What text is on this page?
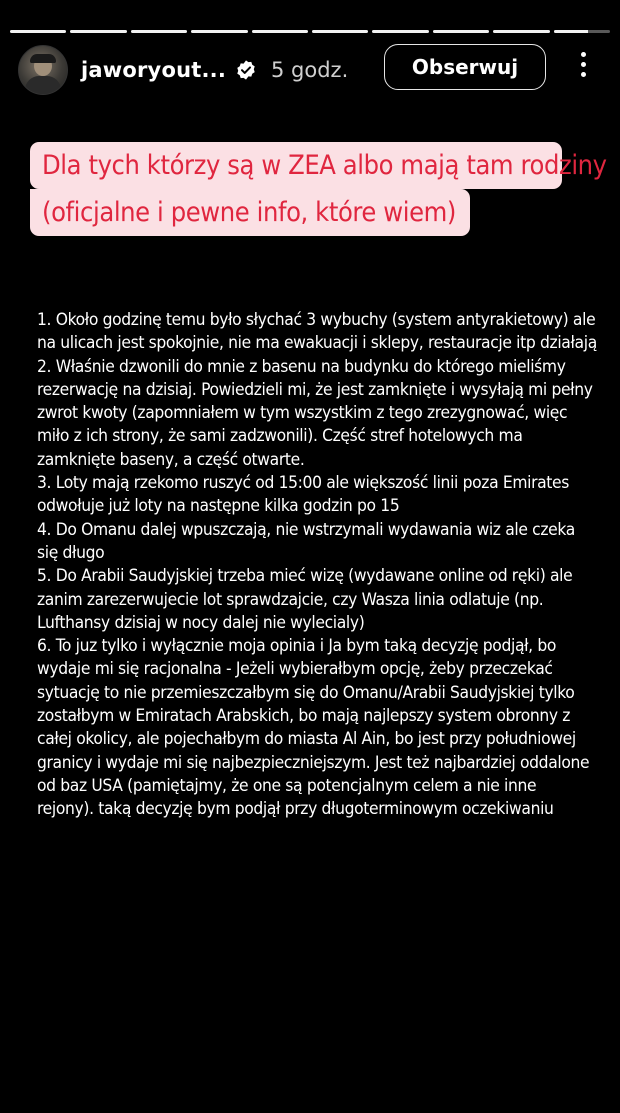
jaworyout... 5 godz.	Obserwuj
Dla tych którzy są w ZEA albo mają tam rodziny
(oficjalne i pewne info, które wiem)

1. Około godzinę temu było słychać 3 wybuchy (system antyrakietowy) ale na ulicach jest spokojnie, nie ma ewakuacji i sklepy, restauracje itp działają

2. Właśnie dzwonili do mnie z basenu na budynku do którego mieliśmy rezerwację na dzisiaj. Powiedzieli mi, że jest zamknięte i wysyłają mi pełny zwrot kwoty (zapomniałem w tym wszystkim z tego zrezygnować, więc miło z ich strony, że sami zadzwonili). Część stref hotelowych ma zamknięte baseny, a część otwarte.

3. Loty mają rzekomo ruszyć od 15:00 ale większość linii poza Emirates odwołuje już loty na następne kilka godzin po 15

4. Do Omanu dalej wpuszczają, nie wstrzymali wydawania wiz ale czeka się długo

5. Do Arabii Saudyjskiej trzeba mieć wizę (wydawane online od ręki) ale zanim zarezerwujecie lot sprawdzajcie, czy Wasza linia odlatuje (np. Lufthansy dzisiaj w nocy dalej nie wylecialy)

6. To juz tylko i wyłącznie moja opinia i Ja bym taką decyzję podjął, bo wydaje mi się racjonalna - Jeżeli wybierałbym opcję, żeby przeczekać sytuację to nie przemieszczałbym się do Omanu/Arabii Saudyjskiej tylko zostałbym w Emiratach Arabskich, bo mają najlepszy system obronny z całej okolicy, ale pojechałbym do miasta Al Ain, bo jest przy południowej granicy i wydaje mi się najbezpieczniejszym. Jest też najbardziej oddalone od baz USA (pamiętajmy, że one są potencjalnym celem a nie inne rejony). taką decyzję bym podjął przy długoterminowym oczekiwaniu
